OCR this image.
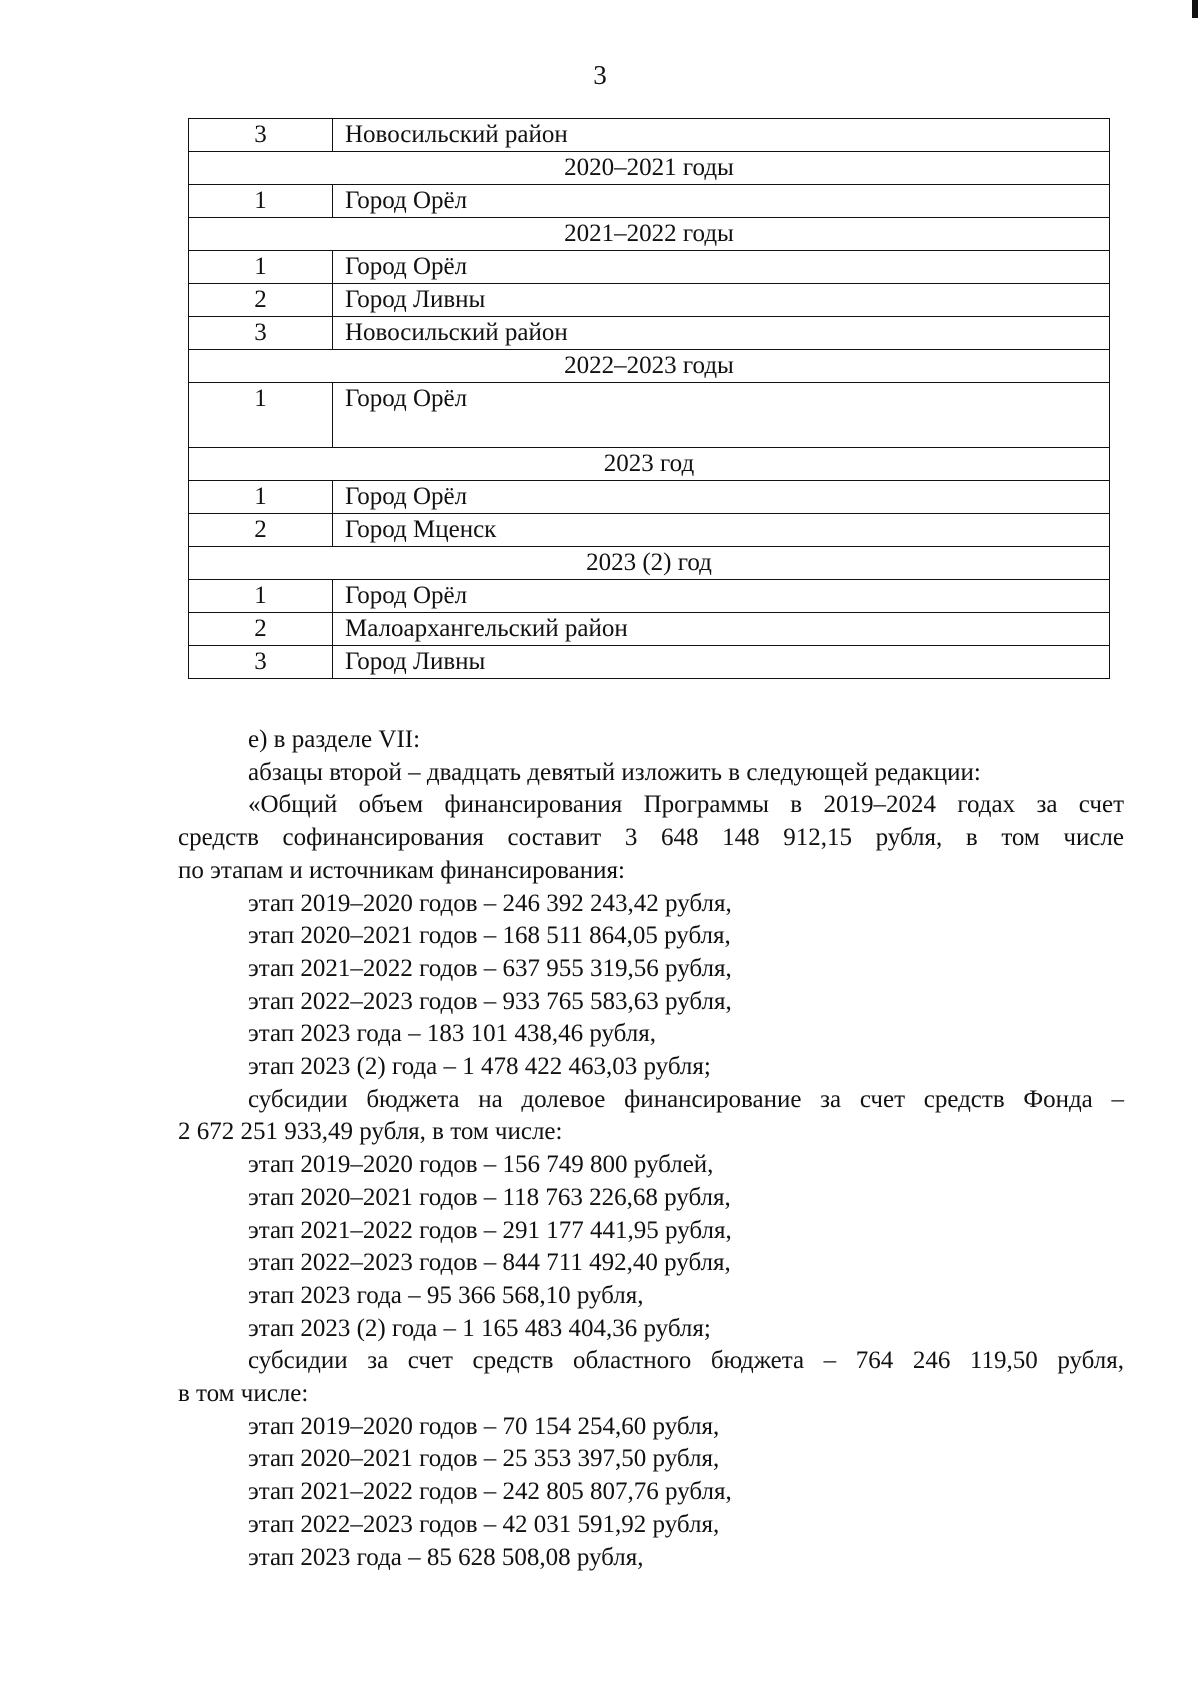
3
3	Новосильский район
2020–2021 годы	
1	Город Орёл
2021–2022 годы	
1	Город Орёл
2	Город Ливны
3	Новосильский район
2022–2023 годы	
1	Город Орёл
2023 год	
1	Город Орёл
2	Город Мценск
2023 (2) год	
1	Город Орёл
2	Малоархангельский район
3	Город Ливны

е) в разделе VII:

абзацы второй – двадцать девятый изложить в следующей редакции:

«Общий объем финансирования Программы в 2019–2024 годах за счет

средств софинансирования составит 3 648 148 912,15 рубля, в том числе

по этапам и источникам финансирования:

этап 2019–2020 годов – 246 392 243,42 рубля,

этап 2020–2021 годов – 168 511 864,05 рубля,

этап 2021–2022 годов – 637 955 319,56 рубля,

этап 2022–2023 годов – 933 765 583,63 рубля,

этап 2023 года – 183 101 438,46 рубля,

этап 2023 (2) года – 1 478 422 463,03 рубля;

субсидии бюджета на долевое финансирование за счет средств Фонда –

2 672 251 933,49 рубля, в том числе:

этап 2019–2020 годов – 156 749 800 рублей,

этап 2020–2021 годов – 118 763 226,68 рубля,

этап 2021–2022 годов – 291 177 441,95 рубля,

этап 2022–2023 годов – 844 711 492,40 рубля,

этап 2023 года – 95 366 568,10 рубля,

этап 2023 (2) года – 1 165 483 404,36 рубля;

субсидии за счет средств областного бюджета – 764 246 119,50 рубля,

в том числе:

этап 2019–2020 годов – 70 154 254,60 рубля,

этап 2020–2021 годов – 25 353 397,50 рубля,

этап 2021–2022 годов – 242 805 807,76 рубля,

этап 2022–2023 годов – 42 031 591,92 рубля,

этап 2023 года – 85 628 508,08 рубля,
